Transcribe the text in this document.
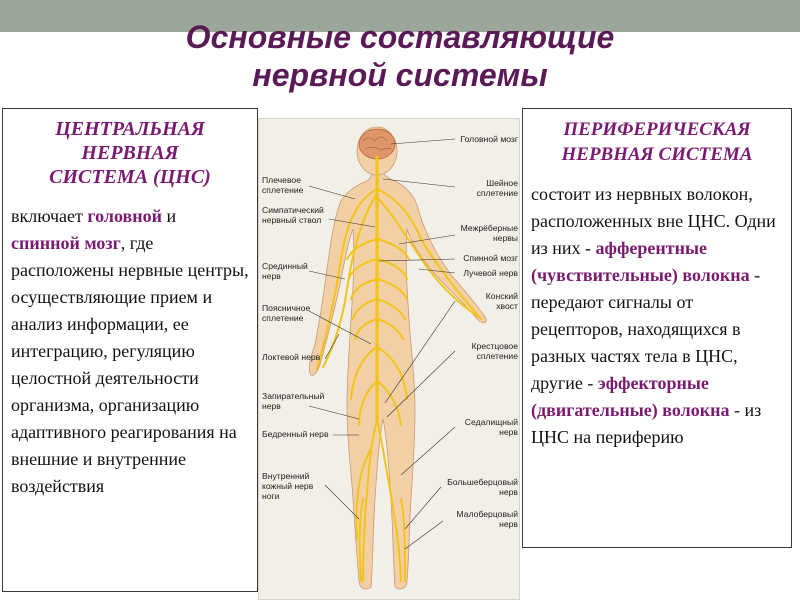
Основные составляющие
нервной системы
ЦЕНТРАЛЬНАЯ
НЕРВНАЯ
СИСТЕМА (ЦНС)
включает головной и спинной мозг, где расположены нервные центры, осуществляющие прием и анализ информации, ее интеграцию, регуляцию целостной деятельности организма, организацию адаптивного реагирования на внешние и внутренние воздействия
Плечевое сплетение
Симпатический нервный ствол
Срединный нерв
Поясничное сплетение
Локтевой нерв
Запирательный нерв
Бедренный нерв
Внутренний кожный нерв ноги
Головной мозг
Шейное сплетение
Межрёберные нервы
Спинной мозг
Лучевой нерв
Конский хвост
Крестцовое сплетение
Седалищный нерв
Большеберцовый нерв
Малоберцовый нерв
ПЕРИФЕРИЧЕСКАЯ
НЕРВНАЯ СИСТЕМА
состоит из нервных волокон, расположенных вне ЦНС. Одни из них - афферентные (чувствительные) волокна - передают сигналы от рецепторов, находящихся в разных частях тела в ЦНС, другие - эффекторные (двигательные) волокна - из ЦНС на периферию
